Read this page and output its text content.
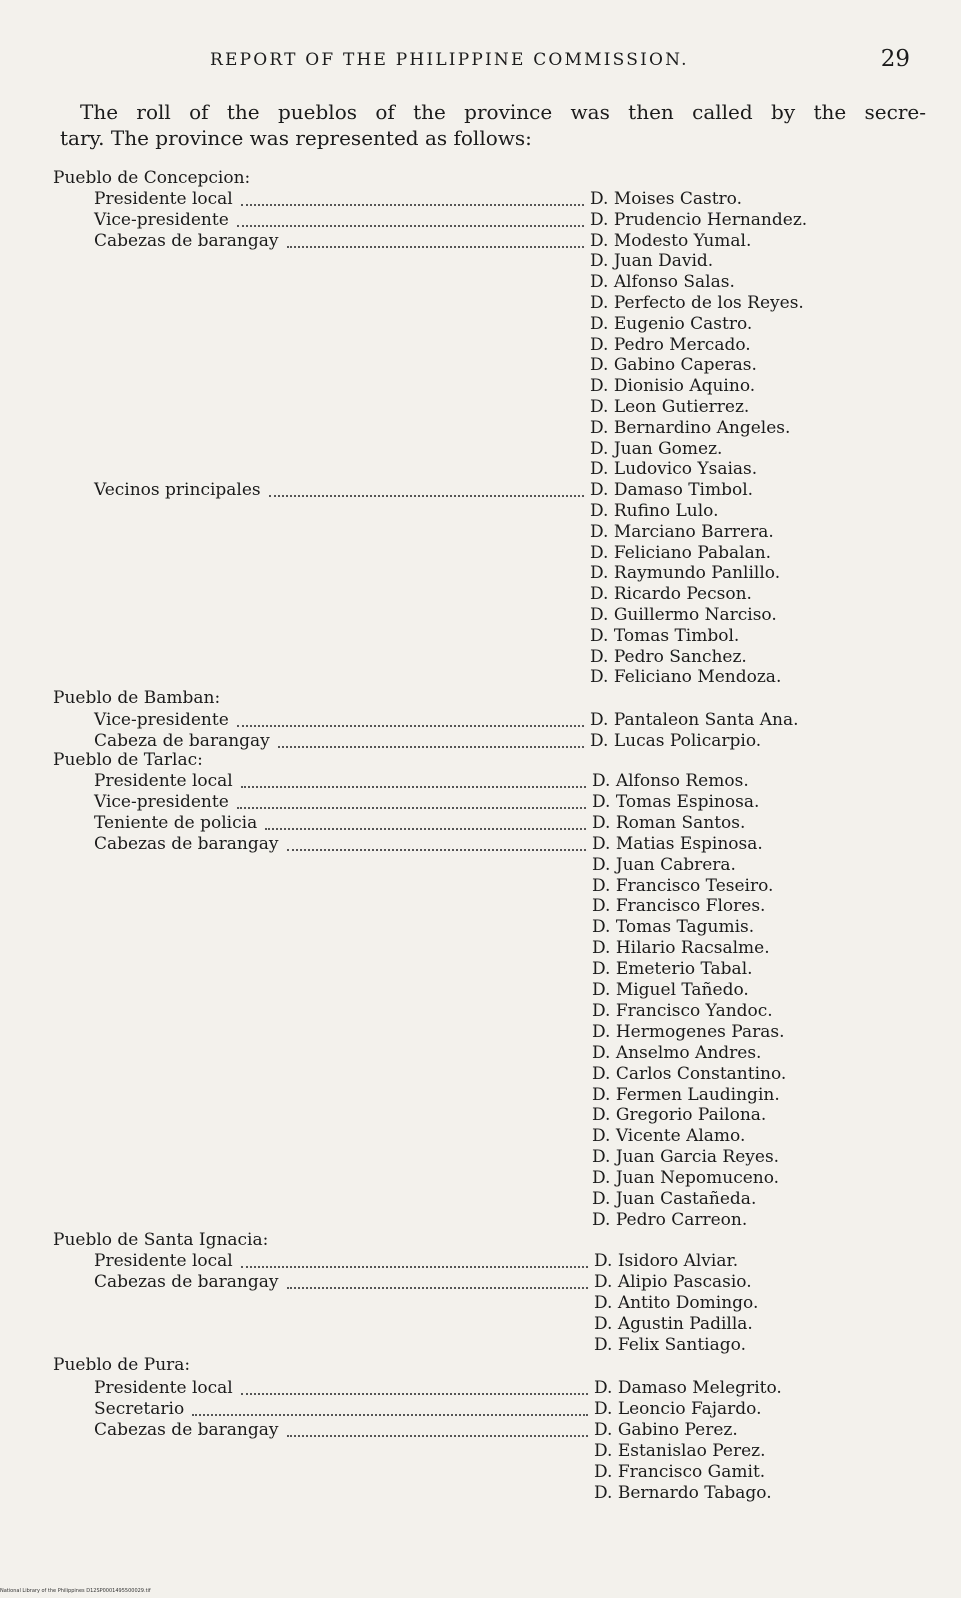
REPORT OF THE PHILIPPINE COMMISSION.	29
The roll of the pueblos of the province was then called by the secre-
tary. The province was represented as follows:
Pueblo de Concepcion:
Presidente local	D. Moises Castro.
Vice-presidente	D. Prudencio Hernandez.
Cabezas de barangay	D. Modesto Yumal.
D. Juan David.
D. Alfonso Salas.
D. Perfecto de los Reyes.
D. Eugenio Castro.
D. Pedro Mercado.
D. Gabino Caperas.
D. Dionisio Aquino.
D. Leon Gutierrez.
D. Bernardino Angeles.
D. Juan Gomez.
D. Ludovico Ysaias.
Vecinos principales	D. Damaso Timbol.
D. Rufino Lulo.
D. Marciano Barrera.
D. Feliciano Pabalan.
D. Raymundo Panlillo.
D. Ricardo Pecson.
D. Guillermo Narciso.
D. Tomas Timbol.
D. Pedro Sanchez.
D. Feliciano Mendoza.
Pueblo de Bamban:
Vice-presidente	D. Pantaleon Santa Ana.
Cabeza de barangay	D. Lucas Policarpio.
Pueblo de Tarlac:
Presidente local	D. Alfonso Remos.
Vice-presidente	D. Tomas Espinosa.
Teniente de policia	D. Roman Santos.
Cabezas de barangay	D. Matias Espinosa.
D. Juan Cabrera.
D. Francisco Teseiro.
D. Francisco Flores.
D. Tomas Tagumis.
D. Hilario Racsalme.
D. Emeterio Tabal.
D. Miguel Tañedo.
D. Francisco Yandoc.
D. Hermogenes Paras.
D. Anselmo Andres.
D. Carlos Constantino.
D. Fermen Laudingin.
D. Gregorio Pailona.
D. Vicente Alamo.
D. Juan Garcia Reyes.
D. Juan Nepomuceno.
D. Juan Castañeda.
D. Pedro Carreon.
Pueblo de Santa Ignacia:
Presidente local	D. Isidoro Alviar.
Cabezas de barangay	D. Alipio Pascasio.
D. Antito Domingo.
D. Agustin Padilla.
D. Felix Santiago.
Pueblo de Pura:
Presidente local	D. Damaso Melegrito.
Secretario	D. Leoncio Fajardo.
Cabezas de barangay	D. Gabino Perez.
D. Estanislao Perez.
D. Francisco Gamit.
D. Bernardo Tabago.
National Library of the Philippines D12SP0001495500029.tif
